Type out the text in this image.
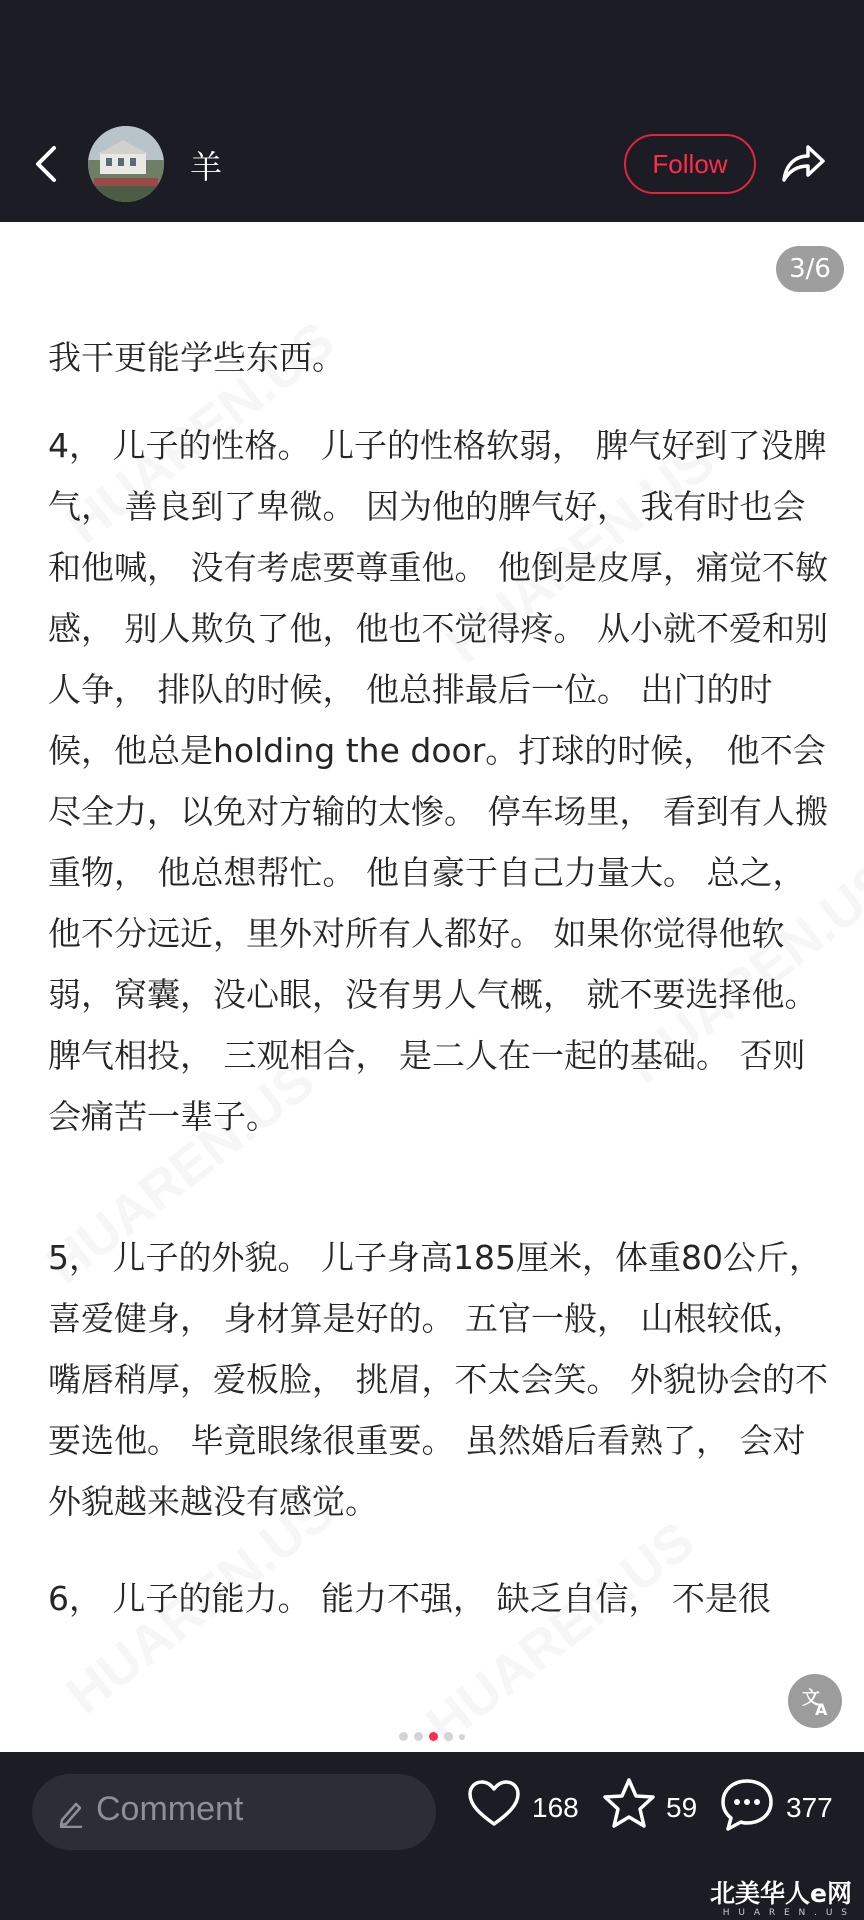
羊	Follow
3/6

我干更能学些东西。

4， 儿子的性格。 儿子的性格软弱， 脾气好到了没脾气， 善良到了卑微。 因为他的脾气好， 我有时也会和他喊， 没有考虑要尊重他。 他倒是皮厚，痛觉不敏感， 别人欺负了他，他也不觉得疼。 从小就不爱和别人争， 排队的时候， 他总排最后一位。 出门的时候，他总是holding the door。打球的时候， 他不会尽全力，以免对方输的太惨。 停车场里， 看到有人搬重物， 他总想帮忙。 他自豪于自己力量大。 总之，他不分远近，里外对所有人都好。 如果你觉得他软弱，窝囊，没心眼，没有男人气概， 就不要选择他。 脾气相投， 三观相合， 是二人在一起的基础。 否则会痛苦一辈子。

5， 儿子的外貌。 儿子身高185厘米，体重80公斤，喜爱健身， 身材算是好的。 五官一般， 山根较低， 嘴唇稍厚，爱板脸， 挑眉，不太会笑。 外貌协会的不要选他。 毕竟眼缘很重要。 虽然婚后看熟了， 会对外貌越来越没有感觉。

6， 儿子的能力。 能力不强， 缺乏自信， 不是很

文
A
Comment	168	59	377
北美华人e网
H U A R E N . U S
